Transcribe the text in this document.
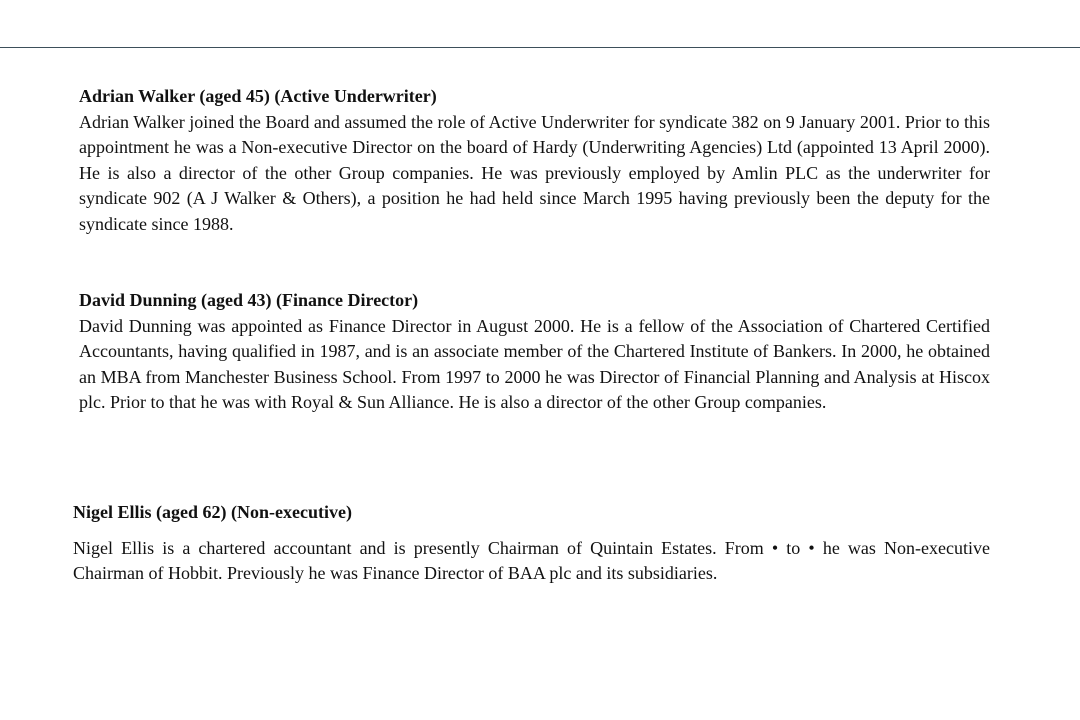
Adrian Walker (aged 45) (Active Underwriter)

Adrian Walker joined the Board and assumed the role of Active Underwriter for syndicate 382 on 9 January 2001. Prior to this appointment he was a Non-executive Director on the board of Hardy (Underwriting Agencies) Ltd (appointed 13 April 2000). He is also a director of the other Group companies. He was previously employed by Amlin PLC as the underwriter for syndicate 902 (A J Walker & Others), a position he had held since March 1995 having previously been the deputy for the syndicate since 1988.

David Dunning (aged 43) (Finance Director)

David Dunning was appointed as Finance Director in August 2000. He is a fellow of the Association of Chartered Certified Accountants, having qualified in 1987, and is an associate member of the Chartered Institute of Bankers. In 2000, he obtained an MBA from Manchester Business School. From 1997 to 2000 he was Director of Financial Planning and Analysis at Hiscox plc. Prior to that he was with Royal & Sun Alliance. He is also a director of the other Group companies.

Nigel Ellis (aged 62) (Non-executive)

Nigel Ellis is a chartered accountant and is presently Chairman of Quintain Estates. From • to • he was Non-executive Chairman of Hobbit. Previously he was Finance Director of BAA plc and its subsidiaries.
